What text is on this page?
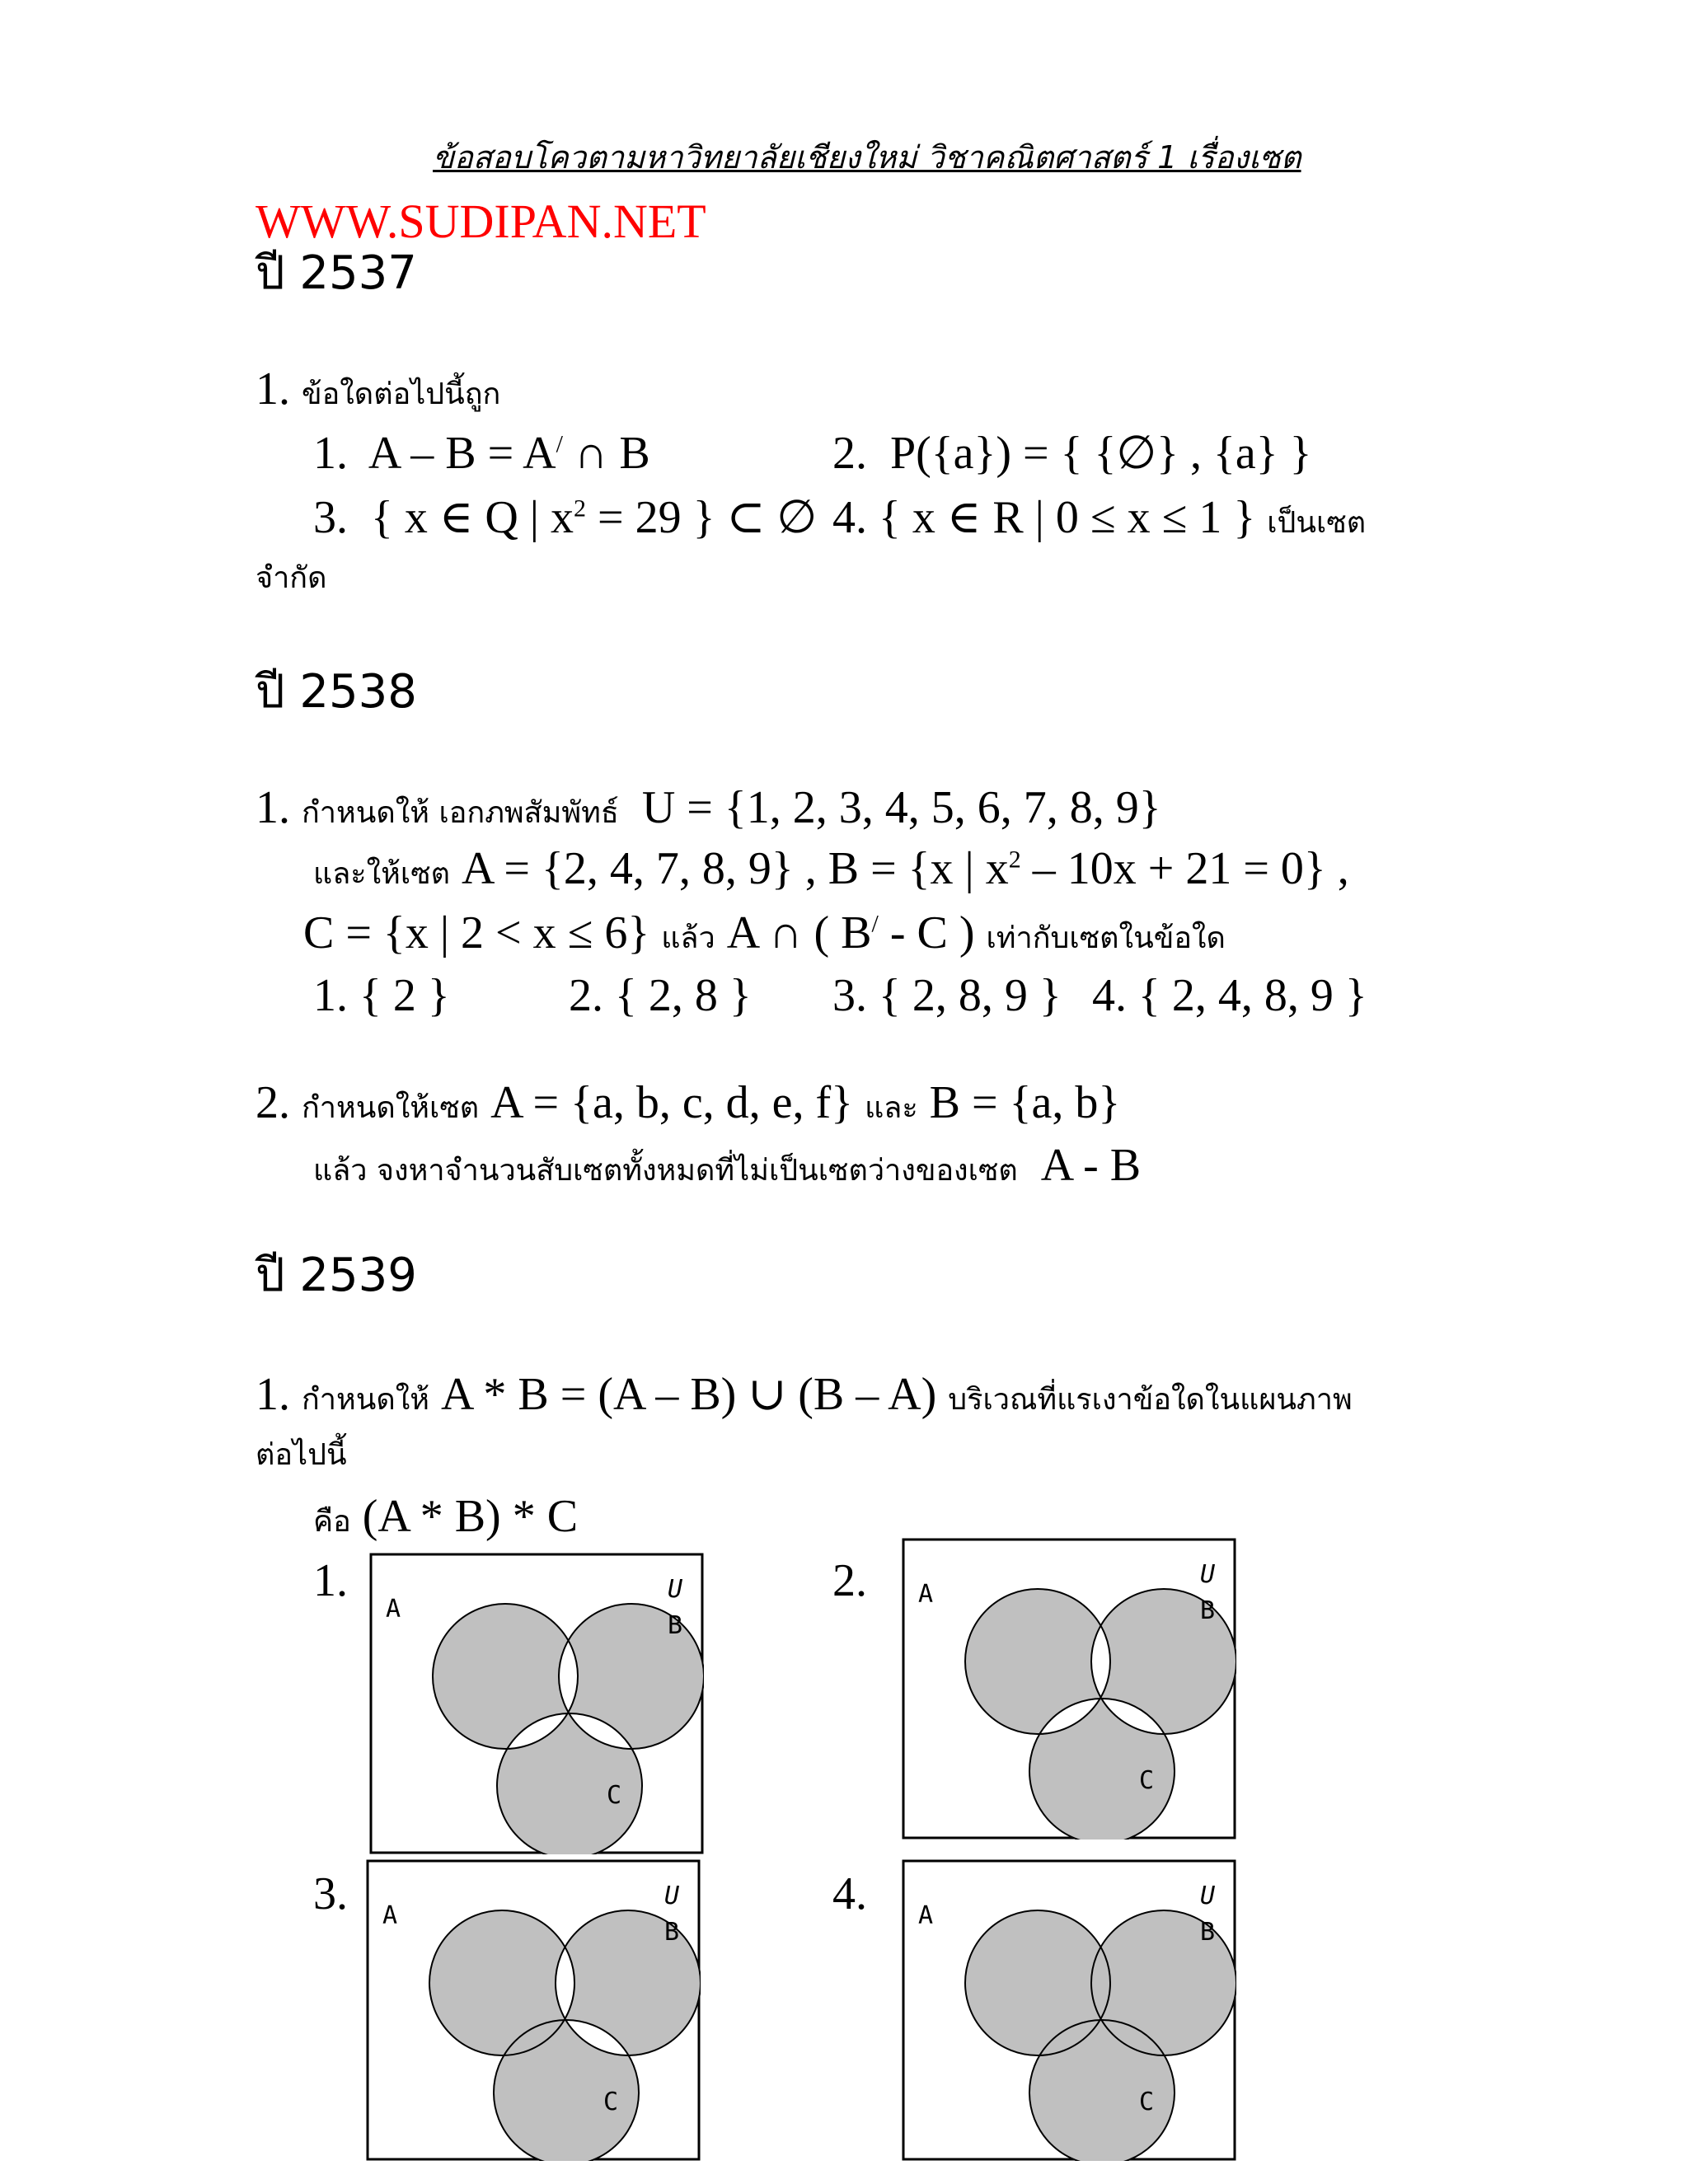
ข้อสอบโควตามหาวิทยาลัยเชียงใหม่ วิชาคณิตศาสตร์ 1 เรื่องเซต
WWW.SUDIPAN.NET
ปี 2537
1. ข้อใดต่อไปนี้ถูก
1. A – B = A/ ∩ B	2. P({a}) = { {∅} , {a} }
3. { x ∈ Q | $x^2 = 29$ } ⊂ ∅ 4. { x ∈ R | 0 ≤ x ≤ 1 } เป็นเซต
จำกัด
ปี 2538
1. กำหนดให้ เอกภพสัมพัทธ์ U = {1, 2, 3, 4, 5, 6, 7, 8, 9}
และให้เซต A = {2, 4, 7, 8, 9} , B = {x | $x^2 - 10x + 21 = 0$} ,
C = {x | 2 < x ≤ 6} แล้ว A ∩ ( B/ - C ) เท่ากับเซตในข้อใด
1. { 2 }	2. { 2, 8 } 3. { 2, 8, 9 } 4. { 2, 4, 8, 9 }
2. กำหนดให้เซต A = {a, b, c, d, e, f} และ B = {a, b}
แล้ว จงหาจำนวนสับเซตทั้งหมดที่ไม่เป็นเซตว่างของเซต A - B
ปี 2539
1. กำหนดให้ A * B = (A – B) ∪ (B – A) บริเวณที่แรเงาข้อใดในแผนภาพ
ต่อไปนี้
คือ (A * B) * C
1.	2.
3.	4.
A
U
B
C
A
U
B
C
A
U
B
C
A
U
B
C
